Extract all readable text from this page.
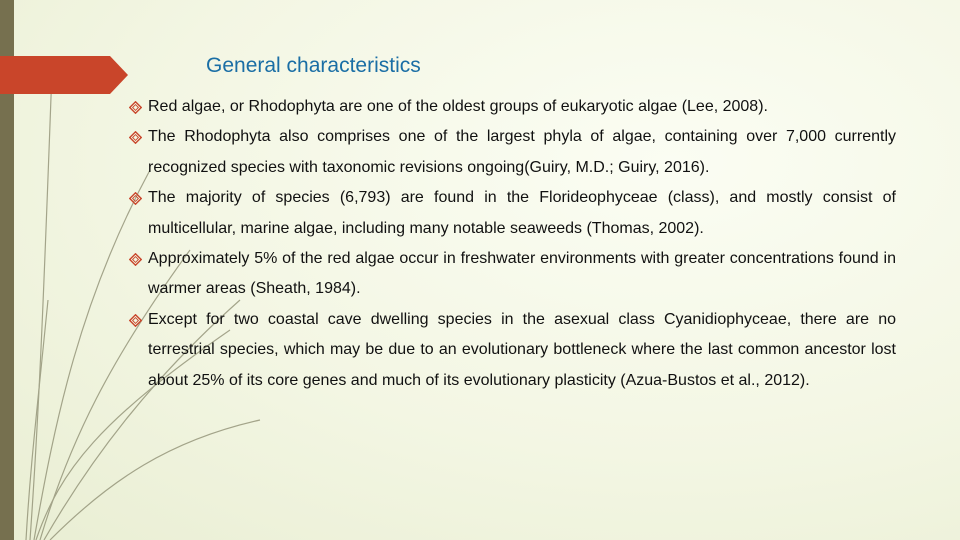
General characteristics
Red algae, or Rhodophyta are one of the oldest groups of eukaryotic algae (Lee, 2008).
The Rhodophyta also comprises one of the largest phyla of algae, containing over 7,000 currently recognized species with taxonomic revisions ongoing(Guiry, M.D.; Guiry, 2016).
The majority of species (6,793) are found in the Florideophyceae (class), and mostly consist of multicellular, marine algae, including many notable seaweeds (Thomas, 2002).
Approximately 5% of the red algae occur in freshwater environments with greater concentrations found in warmer areas (Sheath, 1984).
Except for two coastal cave dwelling species in the asexual class Cyanidiophyceae, there are no terrestrial species, which may be due to an evolutionary bottleneck where the last common ancestor lost about 25% of its core genes and much of its evolutionary plasticity (Azua-Bustos et al., 2012).
